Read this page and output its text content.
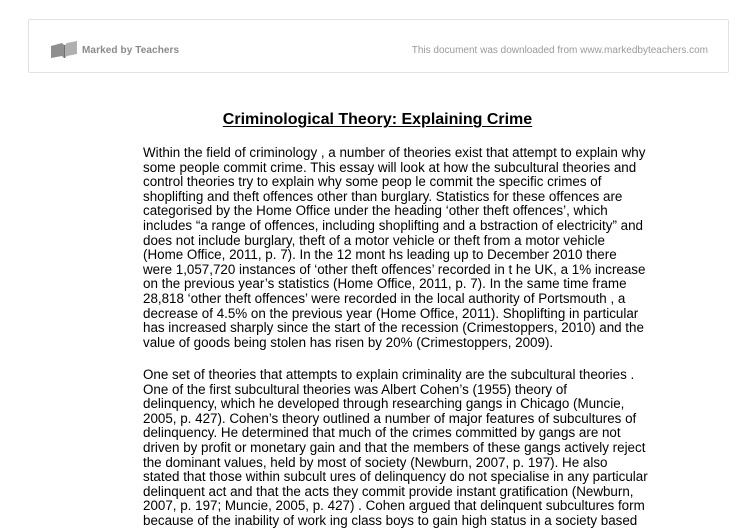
Marked by Teachers	This document was downloaded from www.markedbyteachers.com
Criminological Theory: Explaining Crime

Within the field of criminology , a number of theories exist that attempt to explain why
some people commit crime. This essay will look at how the subcultural theories and
control theories try to explain why some peop le commit the specific crimes of
shoplifting and theft offences other than burglary. Statistics for these offences are
categorised by the Home Office under the heading ‘other theft offences’, which
includes “a range of offences, including shoplifting and a bstraction of electricity” and
does not include burglary, theft of a motor vehicle or theft from a motor vehicle
(Home Office, 2011, p. 7). In the 12 mont hs leading up to December 2010 there
were 1,057,720 instances of ‘other theft offences’ recorded in t he UK, a 1% increase
on the previous year’s statistics (Home Office, 2011, p. 7). In the same time frame
28,818 ‘other theft offences’ were recorded in the local authority of Portsmouth , a
decrease of 4.5% on the previous year (Home Office, 2011). Shoplifting in particular
has increased sharply since the start of the recession (Crimestoppers, 2010) and the
value of goods being stolen has risen by 20% (Crimestoppers, 2009).

One set of theories that attempts to explain criminality are the subcultural theories .
One of the first subcultural theories was Albert Cohen’s (1955) theory of
delinquency, which he developed through researching gangs in Chicago (Muncie,
2005, p. 427). Cohen’s theory outlined a number of major features of subcultures of
delinquency. He determined that much of the crimes committed by gangs are not
driven by profit or monetary gain and that the members of these gangs actively reject
the dominant values, held by most of society (Newburn, 2007, p. 197). He also
stated that those within subcult ures of delinquency do not specialise in any particular
delinquent act and that the acts they commit provide instant gratification (Newburn,
2007, p. 197; Muncie, 2005, p. 427) . Cohen argued that delinquent subcultures form
because of the inability of work ing class boys to gain high status in a society based
